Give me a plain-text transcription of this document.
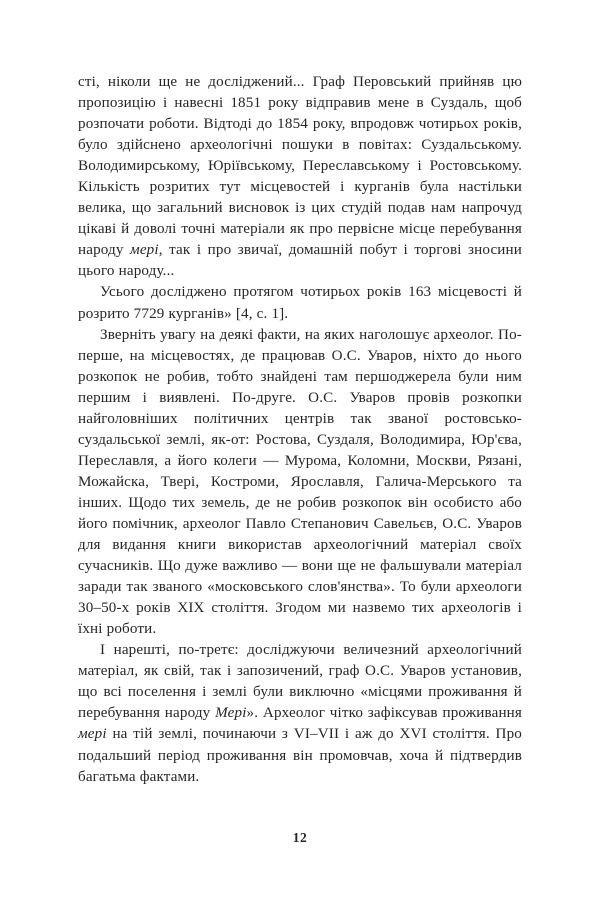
сті, ніколи ще не досліджений... Граф Перовський прийняв цю пропозицію і навесні 1851 року відправив мене в Суздаль, щоб розпочати роботи. Відтоді до 1854 року, впродовж чотирьох років, було здійснено археологічні пошуки в повітах: Суздальському. Володимирському, Юріївському, Переславському і Ростовському. Кількість розритих тут місцевостей і курганів була настільки велика, що загальний висновок із цих студій подав нам напрочуд цікаві й доволі точні матеріали як про первісне місце перебування народу мері, так і про звичаї, домашній побут і торгові зносини цього народу...

Усього досліджено протягом чотирьох років 163 місцевості й розрито 7729 курганів» [4, с. 1].

Зверніть увагу на деякі факти, на яких наголошує археолог. По-перше, на місцевостях, де працював О.С. Уваров, ніхто до нього розкопок не робив, тобто знайдені там першоджерела були ним першим і виявлені. По-друге. О.С. Уваров провів розкопки найголовніших політичних центрів так званої ростовсько-суздальської землі, як-от: Ростова, Суздаля, Володимира, Юр'єва, Переславля, а його колеги — Мурома, Коломни, Москви, Рязані, Можайска, Твері, Костроми, Ярославля, Галича-Мерського та інших. Щодо тих земель, де не робив розкопок він особисто або його помічник, археолог Павло Степанович Савельєв, О.С. Уваров для видання книги використав археологічний матеріал своїх сучасників. Що дуже важливо — вони ще не фальшували матеріал заради так званого «московського слов'янства». То були археологи 30–50-х років XIX століття. Згодом ми назвемо тих археологів і їхні роботи.

І нарешті, по-третє: досліджуючи величезний археологічний матеріал, як свій, так і запозичений, граф О.С. Уваров установив, що всі поселення і землі були виключно «місцями проживання й перебування народу Мері». Археолог чітко зафіксував проживання мері на тій землі, починаючи з VI–VII і аж до XVI століття. Про подальший період проживання він промовчав, хоча й підтвердив багатьма фактами.

12
